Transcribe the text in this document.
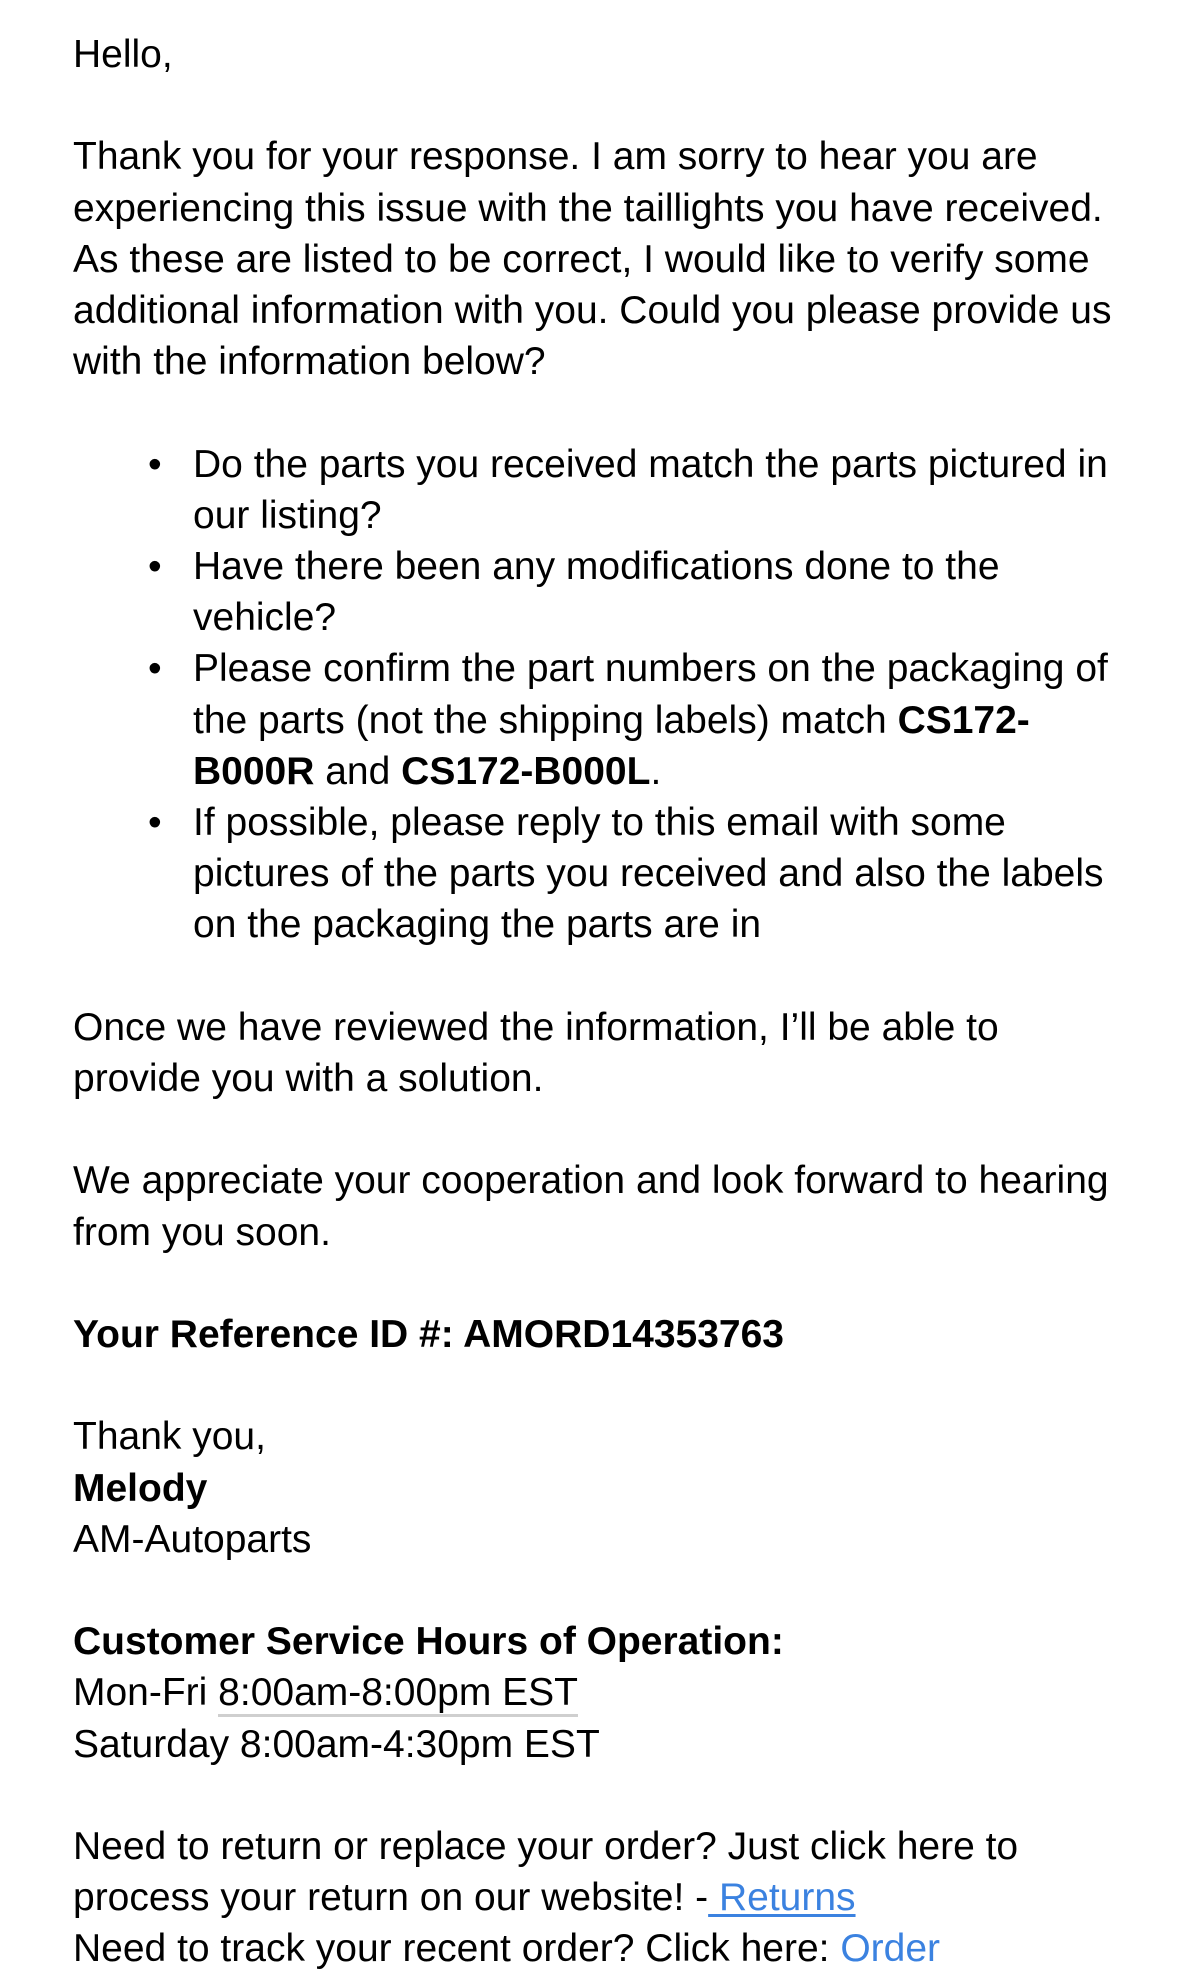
Hello,

Thank you for your response. I am sorry to hear you are experiencing this issue with the taillights you have received. As these are listed to be correct, I would like to verify some additional information with you. Could you please provide us with the information below?

• Do the parts you received match the parts pictured in our listing?
• Have there been any modifications done to the vehicle?
• Please confirm the part numbers on the packaging of the parts (not the shipping labels) match CS172-B000R and CS172-B000L.
• If possible, please reply to this email with some pictures of the parts you received and also the labels on the packaging the parts are in

Once we have reviewed the information, I’ll be able to provide you with a solution.

We appreciate your cooperation and look forward to hearing from you soon.

Your Reference ID #: AMORD14353763

Thank you,

Melody

AM-Autoparts

Customer Service Hours of Operation:

Mon-Fri 8:00am-8:00pm EST

Saturday 8:00am-4:30pm EST

Need to return or replace your order? Just click here to process your return on our website! - Returns

Need to track your recent order? Click here: Order
